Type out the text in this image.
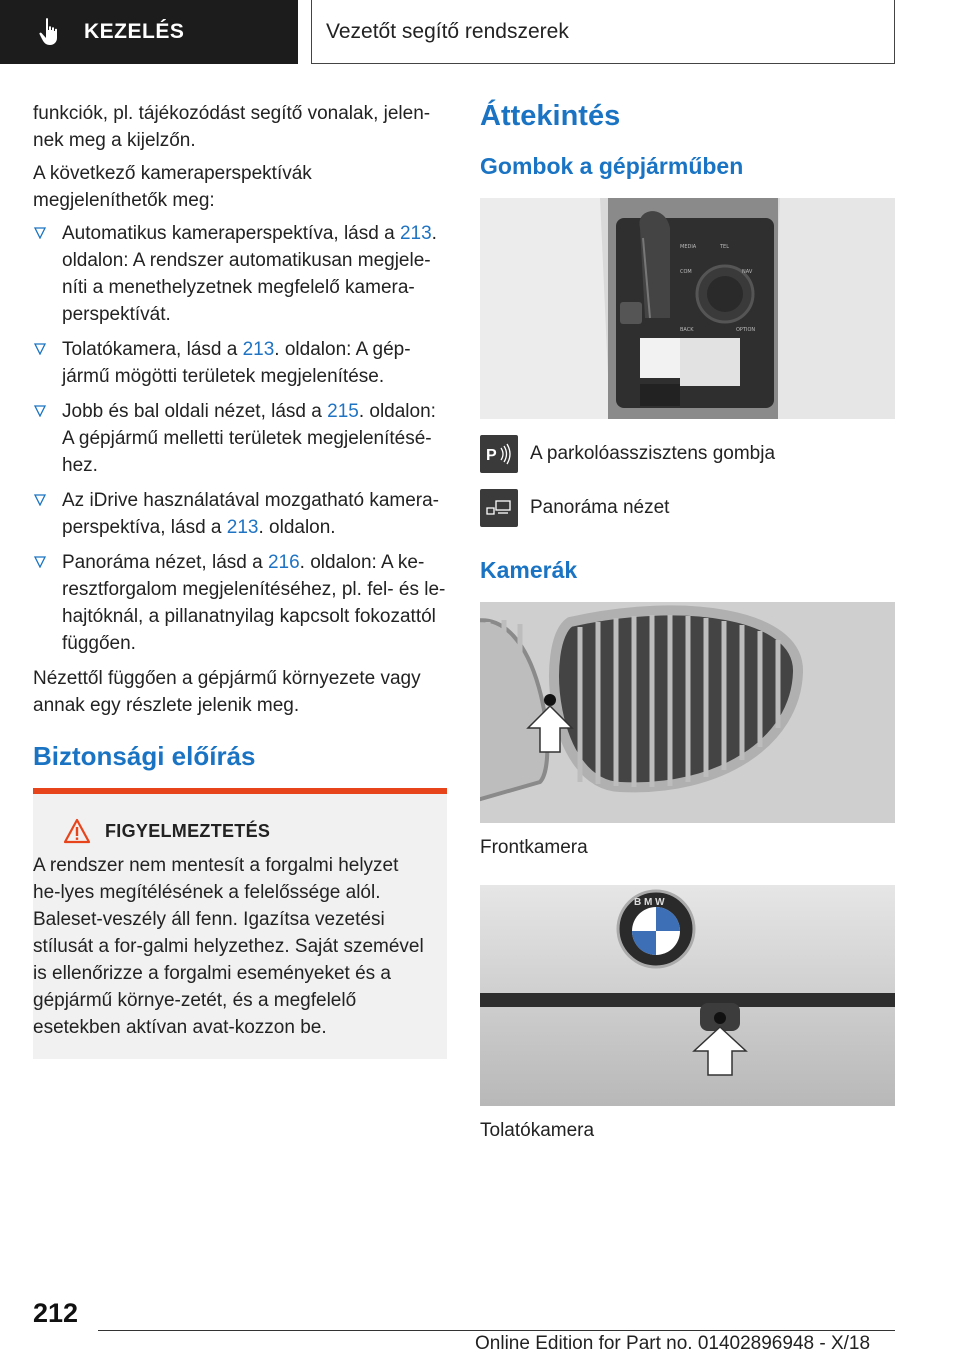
KEZELÉS	Vezetőt segítő rendszerek

funkciók, pl. tájékozódást segítő vonalak, jelen-nek meg a kijelzőn.

A következő kameraperspektívák megjeleníthetők meg:

Automatikus kameraperspektíva, lásd a 213. oldalon: A rendszer automatikusan megjele-níti a menethelyzetnek megfelelő kamera-perspektívát.
Tolatókamera, lásd a 213. oldalon: A gép-jármű mögötti területek megjelenítése.
Jobb és bal oldali nézet, lásd a 215. oldalon: A gépjármű melletti területek megjelenítésé-hez.
Az iDrive használatával mozgatható kamera-perspektíva, lásd a 213. oldalon.
Panoráma nézet, lásd a 216. oldalon: A ke-resztforgalom megjelenítéséhez, pl. fel- és le-hajtóknál, a pillanatnyilag kapcsolt fokozattól függően.

Nézettől függően a gépjármű környezete vagy annak egy részlete jelenik meg.

Biztonsági előírás
FIGYELMEZTETÉS

A rendszer nem mentesít a forgalmi helyzet he-lyes megítélésének a felelőssége alól. Baleset-veszély áll fenn. Igazítsa vezetési stílusát a for-galmi helyzethez. Saját szemével is ellenőrizze a forgalmi eseményeket és a gépjármű környe-zetét, és a megfelelő esetekben aktívan avat-kozzon be.

Áttekintés
Gombok a gépjárműben
MEDIA	TEL
COM	NAV
BACK	OPTION
P A parkolóasszisztens gombja
Panoráma nézet
Kamerák
Frontkamera
B M W
Tolatókamera
212
Online Edition for Part no. 01402896948 - X/18
